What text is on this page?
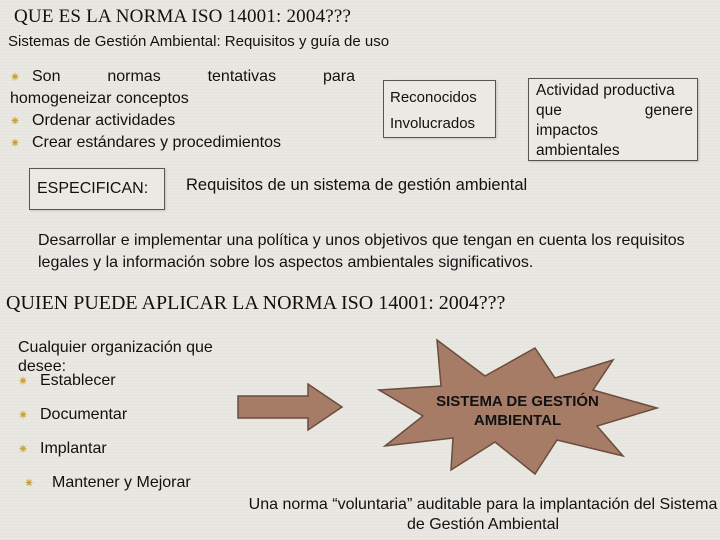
QUE ES LA NORMA ISO 14001: 2004???
Sistemas de Gestión Ambiental: Requisitos y guía de uso
✷ Son	normas	tentativas	para
homogeneizar conceptos
✷ Ordenar actividades
✷ Crear estándares y procedimientos
Reconocidos
Involucrados
Actividad productiva
que	genere
impactos
ambientales
ESPECIFICAN:	Requisitos de un sistema de gestión ambiental
Desarrollar e implementar una política y unos objetivos que tengan en cuenta los requisitos legales y la información sobre los aspectos ambientales significativos.
QUIEN PUEDE APLICAR LA NORMA ISO 14001: 2004???
Cualquier organización que desee:
✷ Establecer
✷ Documentar
✷ Implantar
✷ Mantener y Mejorar
SISTEMA DE GESTIÓN AMBIENTAL
Una norma “voluntaria” auditable para la implantación del Sistema de Gestión Ambiental
